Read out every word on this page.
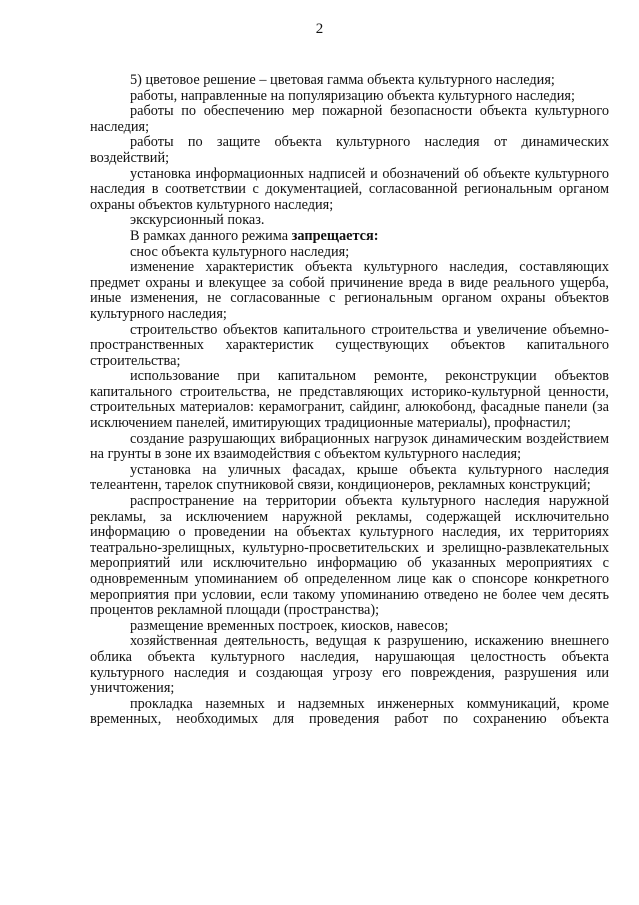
2

5) цветовое решение – цветовая гамма объекта культурного наследия;

работы, направленные на популяризацию объекта культурного наследия;

работы по обеспечению мер пожарной безопасности объекта культурного наследия;

работы по защите объекта культурного наследия от динамических воздействий;

установка информационных надписей и обозначений об объекте культурного наследия в соответствии с документацией, согласованной региональным органом охраны объектов культурного наследия;

экскурсионный показ.

В рамках данного режима запрещается:

снос объекта культурного наследия;

изменение характеристик объекта культурного наследия, составляющих предмет охраны и влекущее за собой причинение вреда в виде реального ущерба, иные изменения, не согласованные с региональным органом охраны объектов культурного наследия;

строительство объектов капитального строительства и увеличение объемно-пространственных характеристик существующих объектов капитального строительства;

использование при капитальном ремонте, реконструкции объектов капитального строительства, не представляющих историко-культурной ценности, строительных материалов: керамогранит, сайдинг, алюкобонд, фасадные панели (за исключением панелей, имитирующих традиционные материалы), профнастил;

создание разрушающих вибрационных нагрузок динамическим воздействием на грунты в зоне их взаимодействия с объектом культурного наследия;

установка на уличных фасадах, крыше объекта культурного наследия телеантенн, тарелок спутниковой связи, кондиционеров, рекламных конструкций;

распространение на территории объекта культурного наследия наружной рекламы, за исключением наружной рекламы, содержащей исключительно информацию о проведении на объектах культурного наследия, их территориях театрально-зрелищных, культурно-просветительских и зрелищно-развлекательных мероприятий или исключительно информацию об указанных мероприятиях с одновременным упоминанием об определенном лице как о спонсоре конкретного мероприятия при условии, если такому упоминанию отведено не более чем десять процентов рекламной площади (пространства);

размещение временных построек, киосков, навесов;

хозяйственная деятельность, ведущая к разрушению, искажению внешнего облика объекта культурного наследия, нарушающая целостность объекта культурного наследия и создающая угрозу его повреждения, разрушения или уничтожения;

прокладка наземных и надземных инженерных коммуникаций, кроме временных, необходимых для проведения работ по сохранению объекта
